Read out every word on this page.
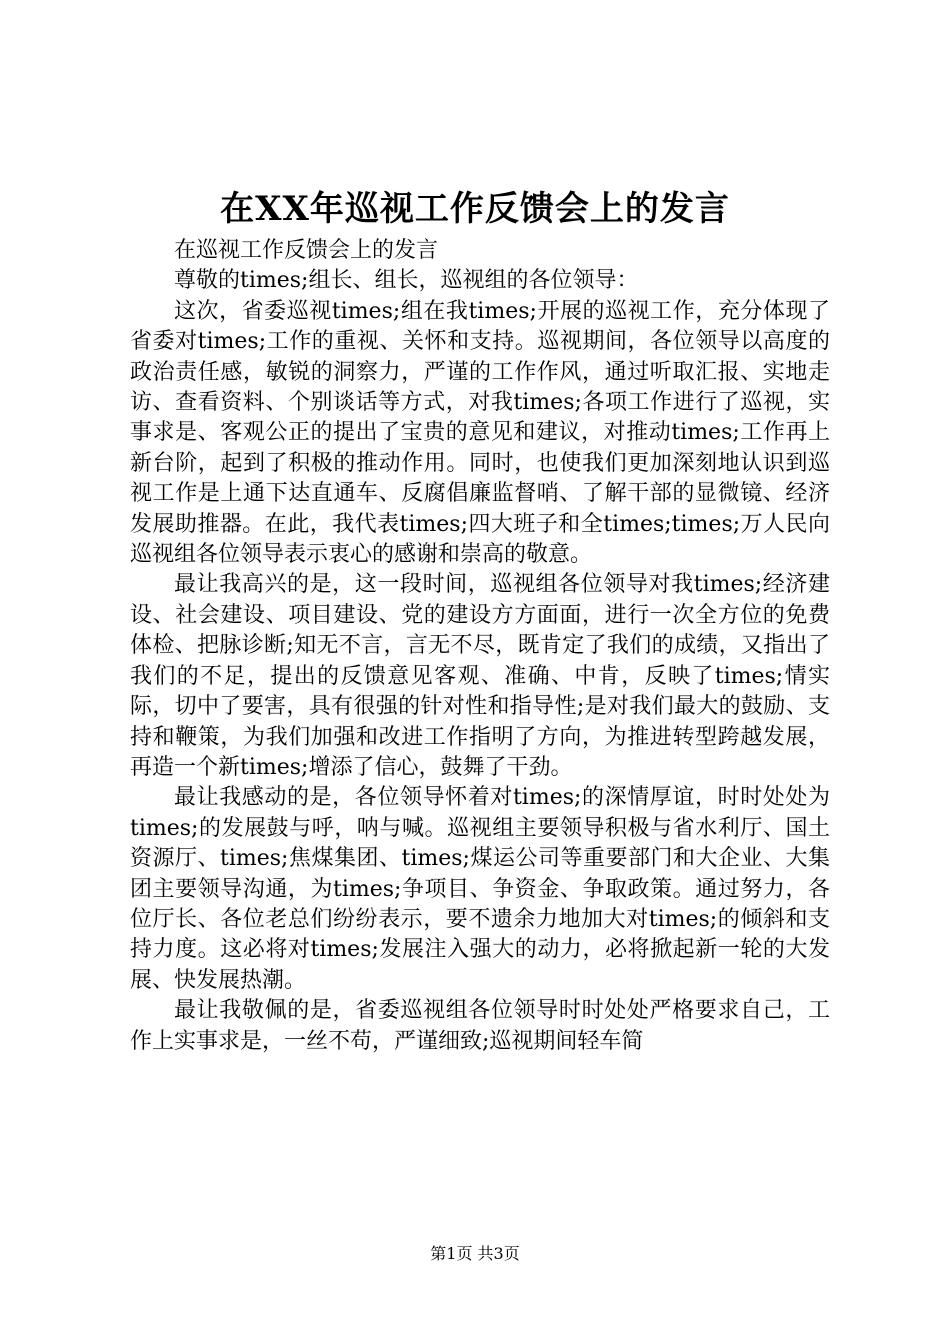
在XX年巡视工作反馈会上的发言

在巡视工作反馈会上的发言

尊敬的times;组长、组长，巡视组的各位领导：

这次，省委巡视times;组在我times;开展的巡视工作，充分体现了省委对times;工作的重视、关怀和支持。巡视期间，各位领导以高度的政治责任感，敏锐的洞察力，严谨的工作作风，通过听取汇报、实地走访、查看资料、个别谈话等方式，对我times;各项工作进行了巡视，实事求是、客观公正的提出了宝贵的意见和建议，对推动times;工作再上新台阶，起到了积极的推动作用。同时，也使我们更加深刻地认识到巡视工作是上通下达直通车、反腐倡廉监督哨、了解干部的显微镜、经济发展助推器。在此，我代表times;四大班子和全times;times;万人民向巡视组各位领导表示衷心的感谢和崇高的敬意。

最让我高兴的是，这一段时间，巡视组各位领导对我times;经济建设、社会建设、项目建设、党的建设方方面面，进行一次全方位的免费体检、把脉诊断;知无不言，言无不尽，既肯定了我们的成绩，又指出了我们的不足，提出的反馈意见客观、准确、中肯，反映了times;情实际，切中了要害，具有很强的针对性和指导性;是对我们最大的鼓励、支持和鞭策，为我们加强和改进工作指明了方向，为推进转型跨越发展，再造一个新times;增添了信心，鼓舞了干劲。

最让我感动的是，各位领导怀着对times;的深情厚谊，时时处处为times;的发展鼓与呼，呐与喊。巡视组主要领导积极与省水利厅、国土资源厅、times;焦煤集团、times;煤运公司等重要部门和大企业、大集团主要领导沟通，为times;争项目、争资金、争取政策。通过努力，各位厅长、各位老总们纷纷表示，要不遗余力地加大对times;的倾斜和支持力度。这必将对times;发展注入强大的动力，必将掀起新一轮的大发展、快发展热潮。

最让我敬佩的是，省委巡视组各位领导时时处处严格要求自己，工作上实事求是，一丝不苟，严谨细致;巡视期间轻车简

第1页 共3页
